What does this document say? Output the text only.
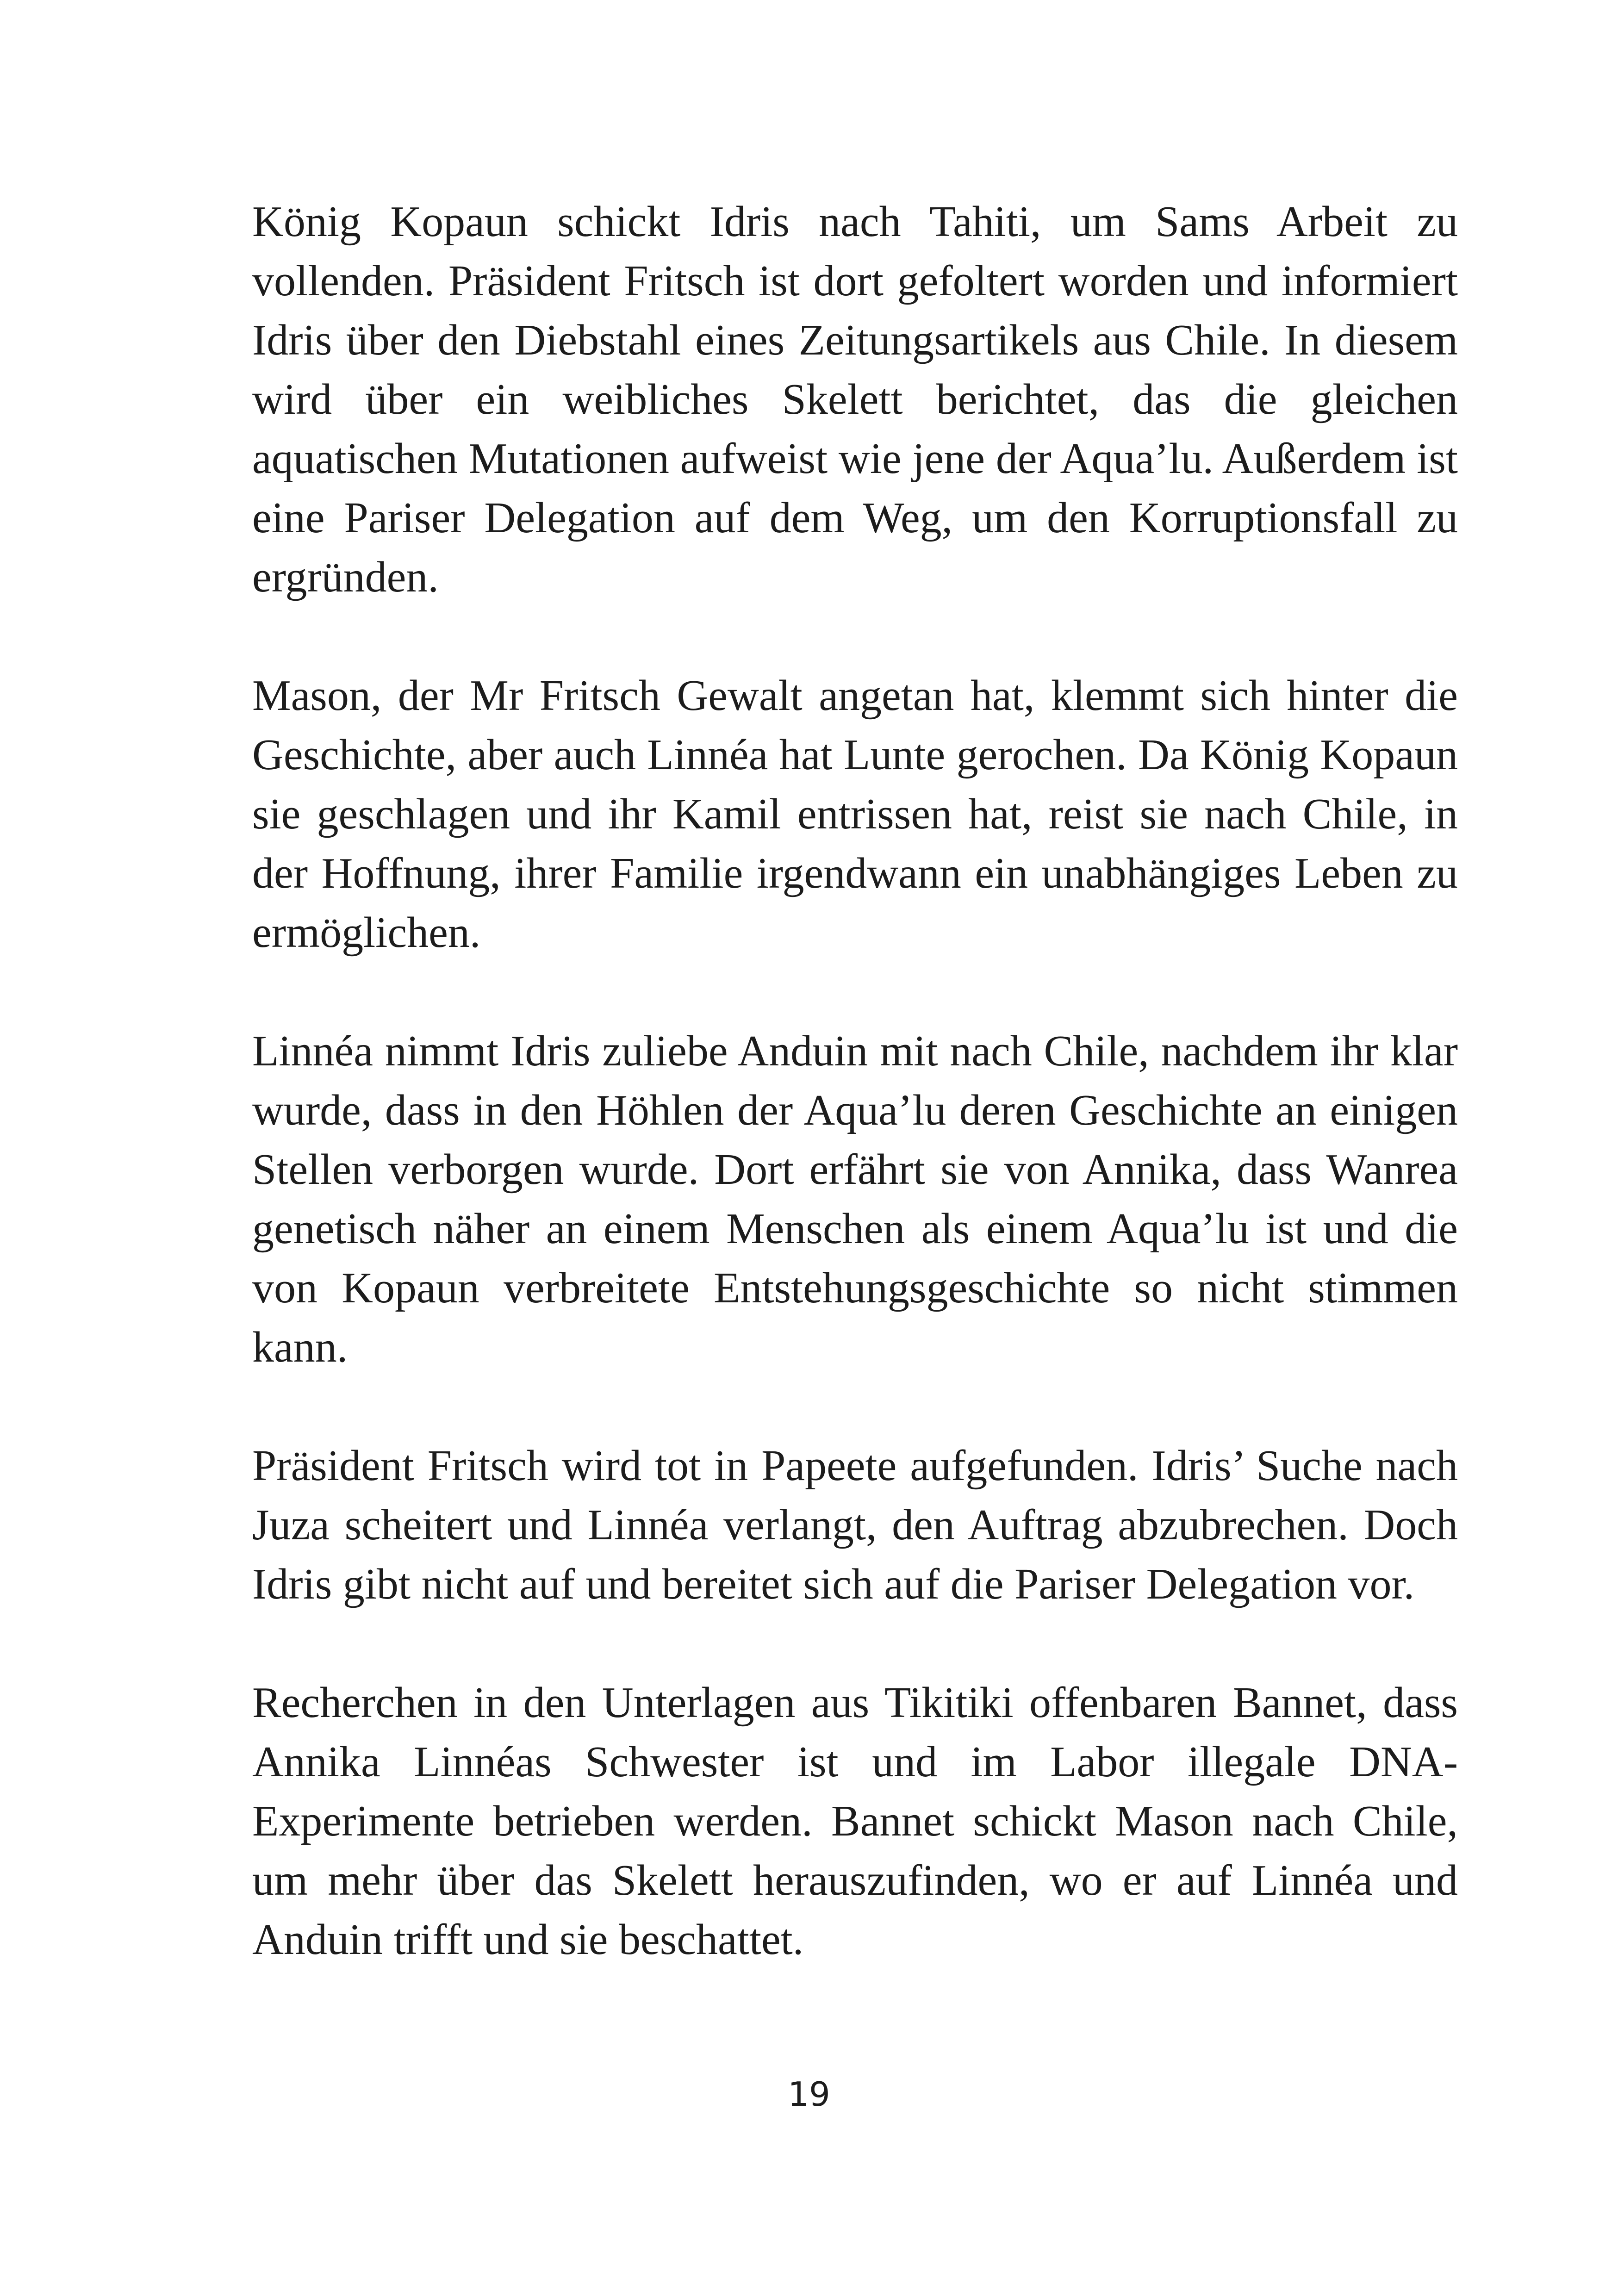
König Kopaun schickt Idris nach Tahiti, um Sams Arbeit zu vollenden. Präsident Fritsch ist dort gefoltert worden und informiert Idris über den Diebstahl eines Zeitungsartikels aus Chile. In diesem wird über ein weibliches Skelett berichtet, das die gleichen aquatischen Mutationen aufweist wie jene der Aqua’lu. Außerdem ist eine Pariser Delegation auf dem Weg, um den Korruptionsfall zu ergründen.

Mason, der Mr Fritsch Gewalt angetan hat, klemmt sich hinter die Geschichte, aber auch Linnéa hat Lunte gerochen. Da König Kopaun sie geschlagen und ihr Kamil entrissen hat, reist sie nach Chile, in der Hoffnung, ihrer Familie irgendwann ein unabhängiges Leben zu ermöglichen.

Linnéa nimmt Idris zuliebe Anduin mit nach Chile, nachdem ihr klar wurde, dass in den Höhlen der Aqua’lu deren Geschichte an einigen Stellen verborgen wurde. Dort erfährt sie von Annika, dass Wanrea genetisch näher an einem Menschen als einem Aqua’lu ist und die von Kopaun verbreitete Entstehungsgeschichte so nicht stimmen kann.

Präsident Fritsch wird tot in Papeete aufgefunden. Idris’ Suche nach Juza scheitert und Linnéa verlangt, den Auftrag abzubrechen. Doch Idris gibt nicht auf und bereitet sich auf die Pariser Delegation vor.

Recherchen in den Unterlagen aus Tikitiki offenbaren Bannet, dass Annika Linnéas Schwester ist und im Labor illegale DNA-Experimente betrieben werden. Bannet schickt Mason nach Chile, um mehr über das Skelett herauszufinden, wo er auf Linnéa und Anduin trifft und sie beschattet.

19
